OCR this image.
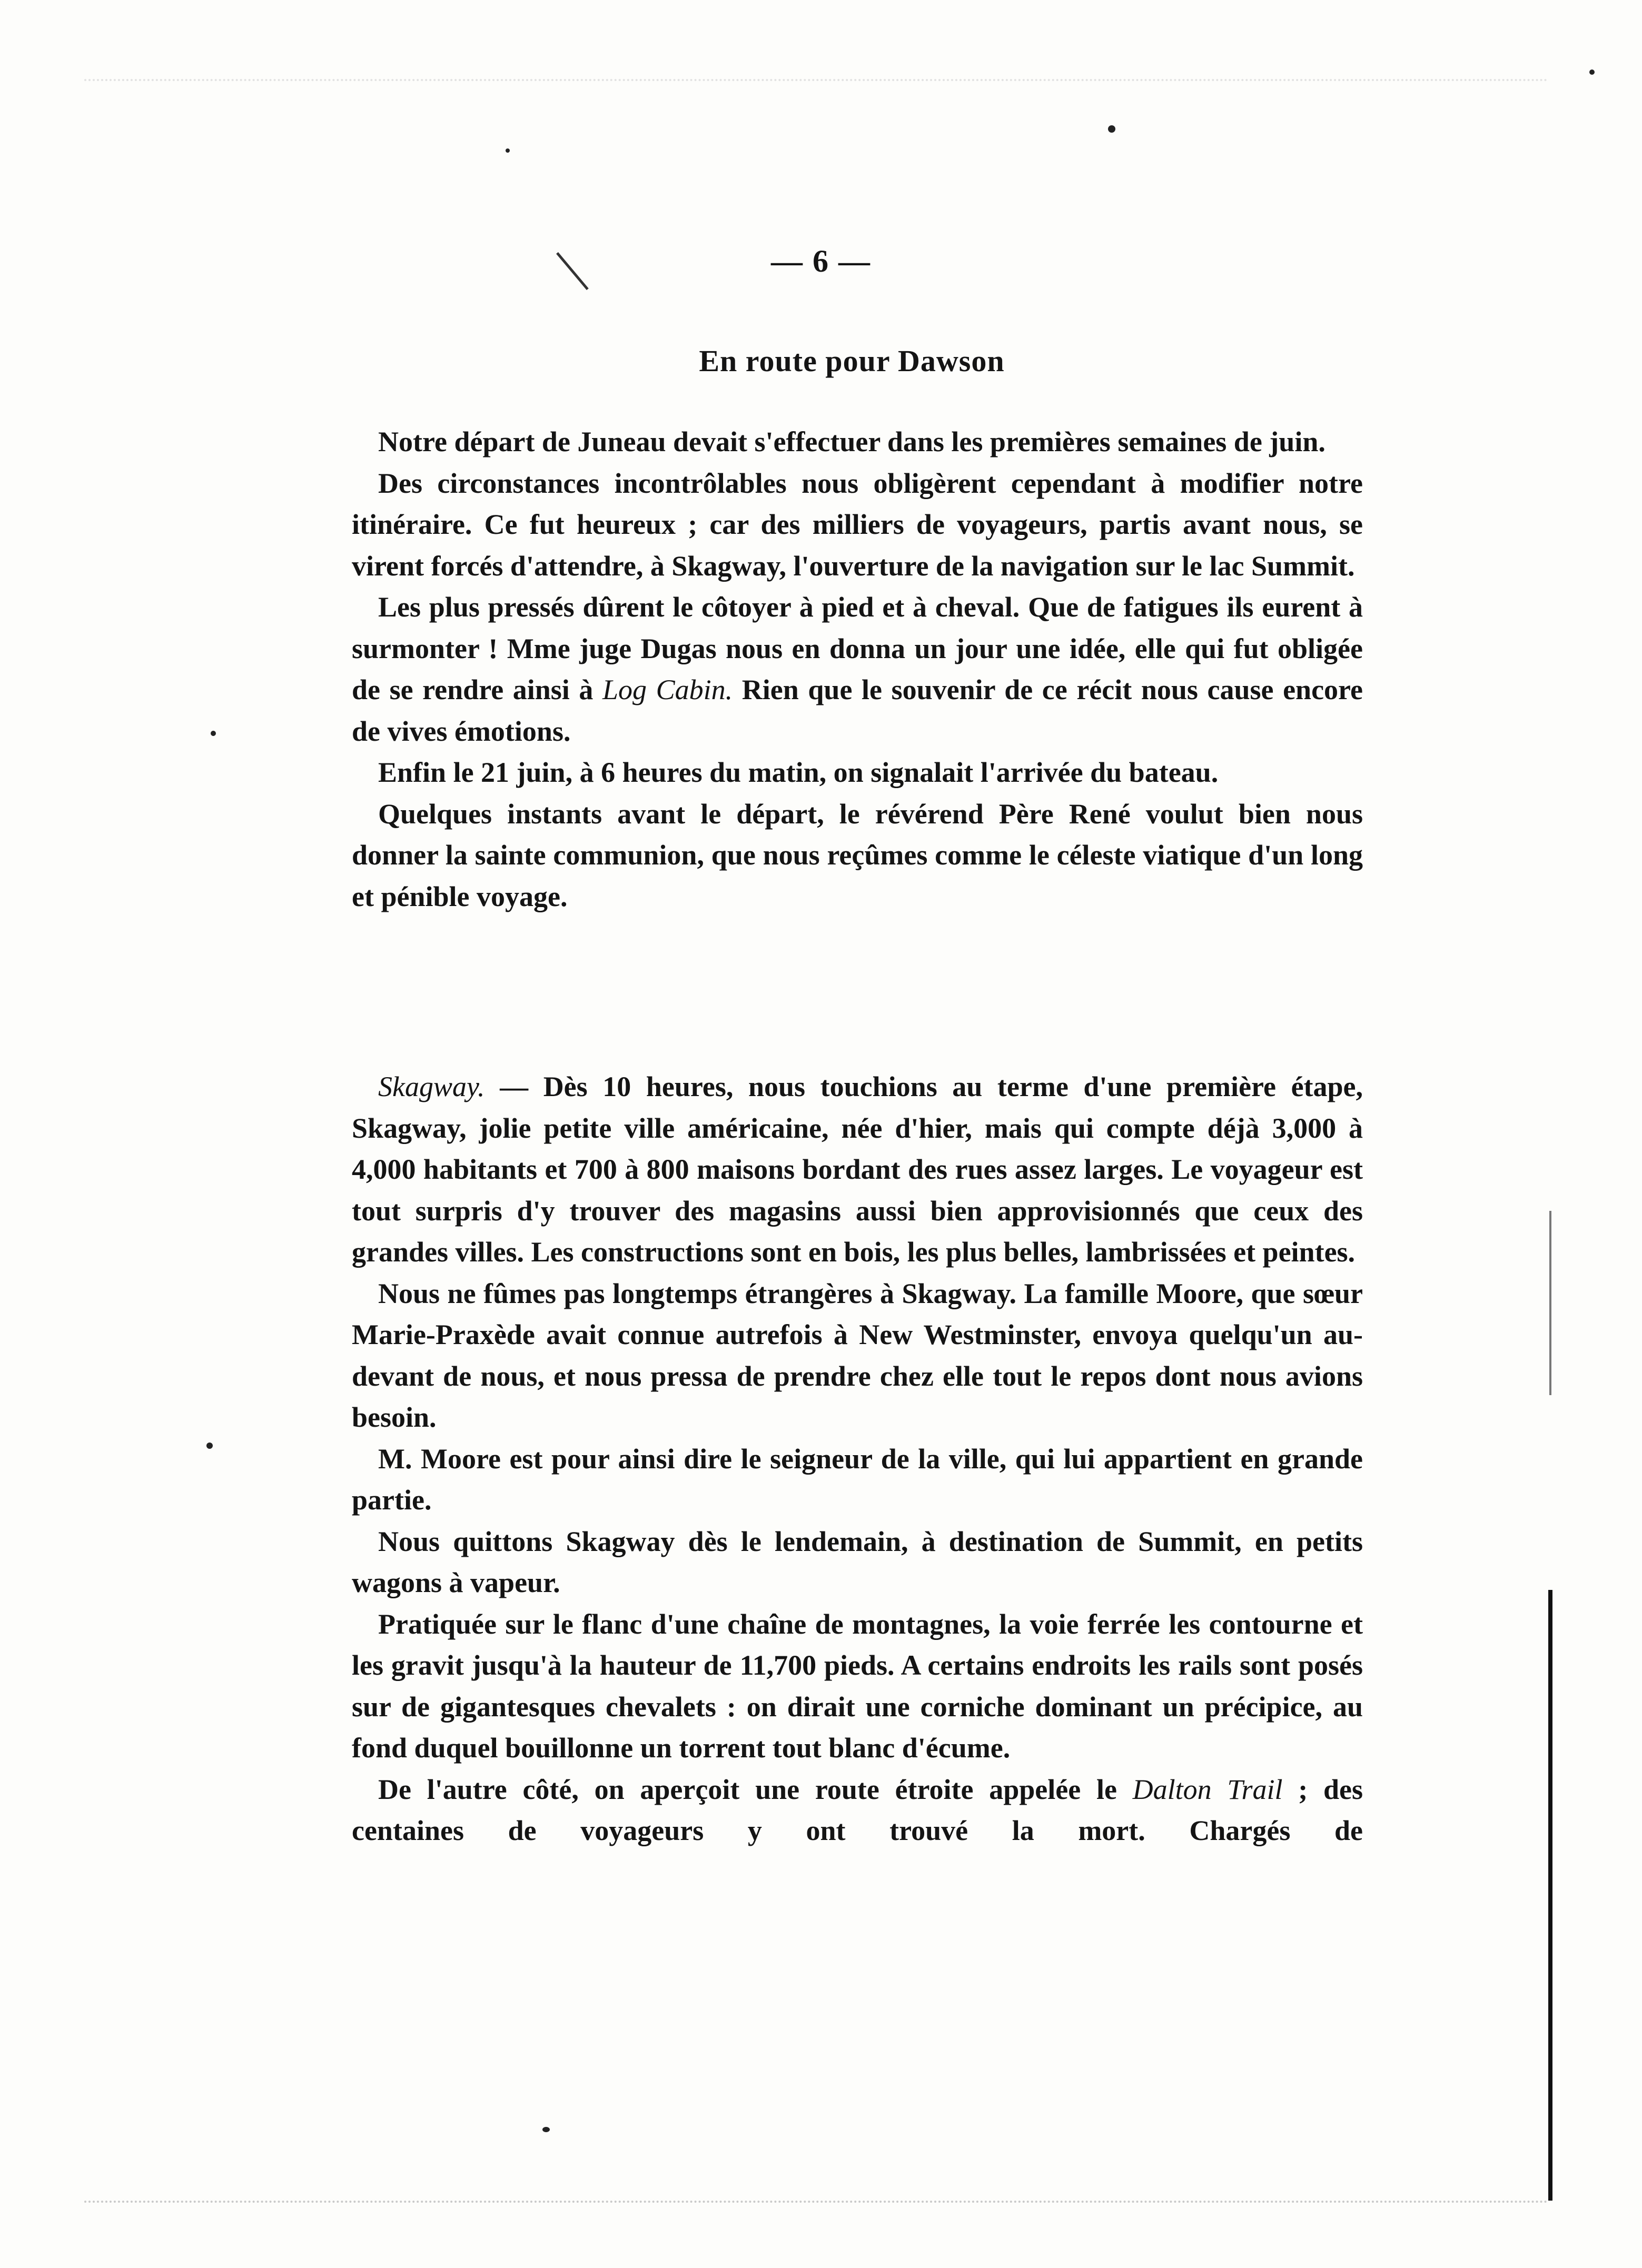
— 6 —
En route pour Dawson

Notre départ de Juneau devait s'effectuer dans les premières semaines de juin.

Des circonstances incontrôlables nous obligèrent cependant à modifier notre itinéraire. Ce fut heureux ; car des milliers de voyageurs, partis avant nous, se virent forcés d'attendre, à Skagway, l'ouverture de la navigation sur le lac Summit.

Les plus pressés dûrent le côtoyer à pied et à cheval. Que de fatigues ils eurent à surmonter ! Mme juge Dugas nous en donna un jour une idée, elle qui fut obligée de se rendre ainsi à Log Cabin. Rien que le souvenir de ce récit nous cause encore de vives émotions.

Enfin le 21 juin, à 6 heures du matin, on signalait l'arrivée du bateau.

Quelques instants avant le départ, le révérend Père René voulut bien nous donner la sainte communion, que nous reçûmes comme le céleste viatique d'un long et pénible voyage.

Skagway. — Dès 10 heures, nous touchions au terme d'une première étape, Skagway, jolie petite ville américaine, née d'hier, mais qui compte déjà 3,000 à 4,000 habitants et 700 à 800 maisons bordant des rues assez larges. Le voyageur est tout surpris d'y trouver des magasins aussi bien approvisionnés que ceux des grandes villes. Les constructions sont en bois, les plus belles, lambrissées et peintes.

Nous ne fûmes pas longtemps étrangères à Skagway. La famille Moore, que sœur Marie-Praxède avait connue autrefois à New Westminster, envoya quelqu'un au-devant de nous, et nous pressa de prendre chez elle tout le repos dont nous avions besoin.

M. Moore est pour ainsi dire le seigneur de la ville, qui lui appartient en grande partie.

Nous quittons Skagway dès le lendemain, à destination de Summit, en petits wagons à vapeur.

Pratiquée sur le flanc d'une chaîne de montagnes, la voie ferrée les contourne et les gravit jusqu'à la hauteur de 11,700 pieds. A certains endroits les rails sont posés sur de gigantesques chevalets : on dirait une corniche dominant un précipice, au fond duquel bouillonne un torrent tout blanc d'écume.

De l'autre côté, on aperçoit une route étroite appelée le Dalton Trail ; des centaines de voyageurs y ont trouvé la mort. Chargés de
